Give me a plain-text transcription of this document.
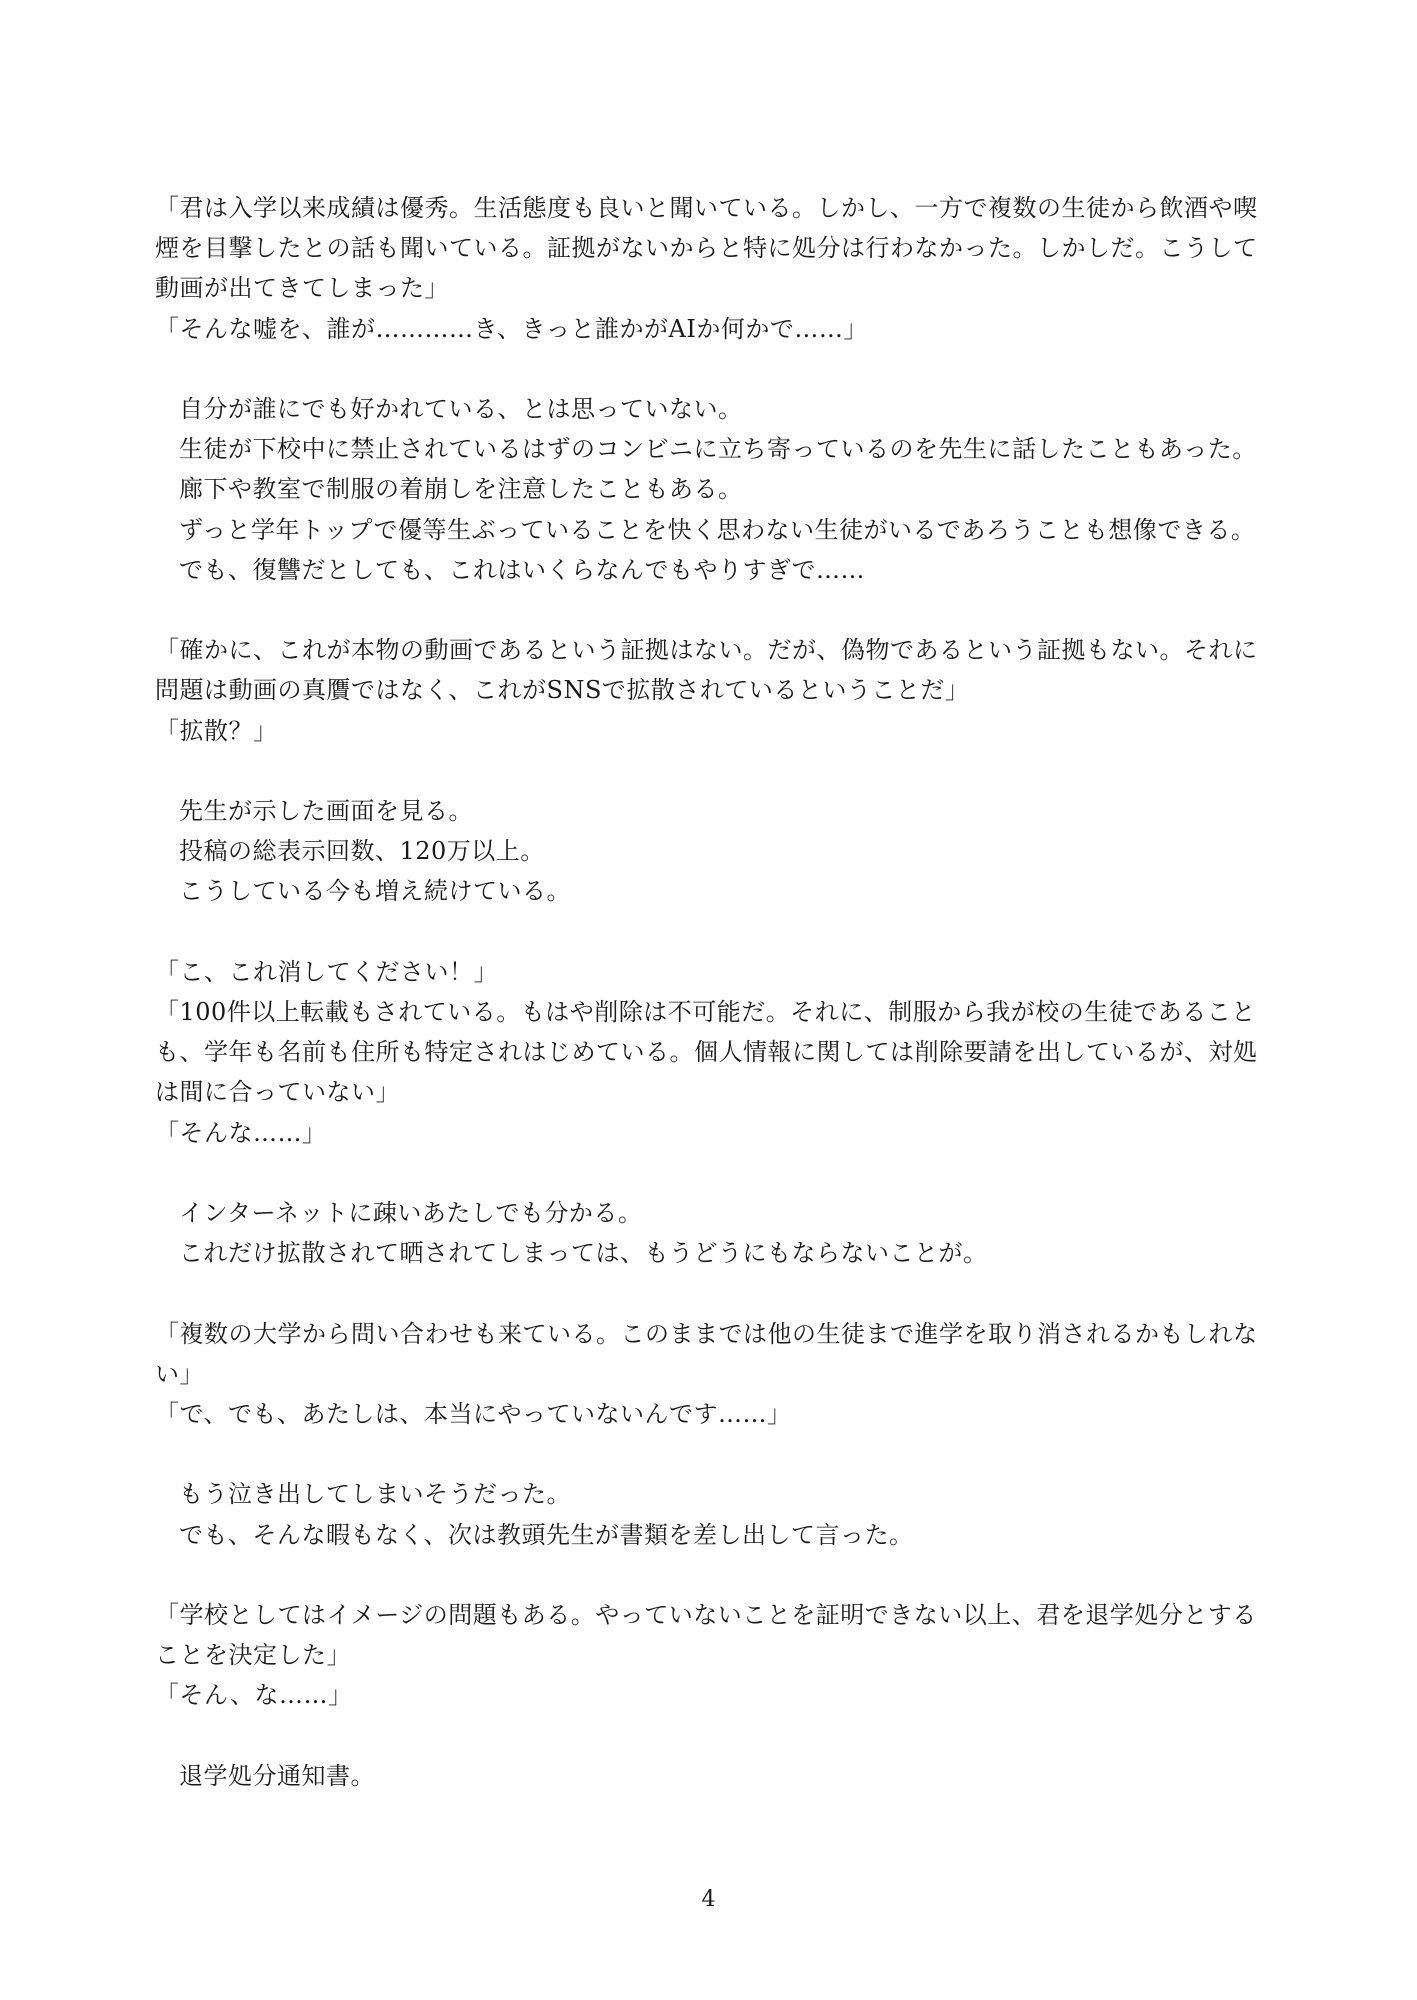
「君は入学以来成績は優秀。生活態度も良いと聞いている。しかし、一方で複数の生徒から飲酒や喫煙を目撃したとの話も聞いている。証拠がないからと特に処分は行わなかった。しかしだ。こうして動画が出てきてしまった」

「そんな嘘を、誰が…………き、きっと誰かがAIか何かで……」

自分が誰にでも好かれている、とは思っていない。

生徒が下校中に禁止されているはずのコンビニに立ち寄っているのを先生に話したこともあった。

廊下や教室で制服の着崩しを注意したこともある。

ずっと学年トップで優等生ぶっていることを快く思わない生徒がいるであろうことも想像できる。

でも、復讐だとしても、これはいくらなんでもやりすぎで……

「確かに、これが本物の動画であるという証拠はない。だが、偽物であるという証拠もない。それに問題は動画の真贋ではなく、これがSNSで拡散されているということだ」

「拡散？」

先生が示した画面を見る。

投稿の総表示回数、120万以上。

こうしている今も増え続けている。

「こ、これ消してください！」

「100件以上転載もされている。もはや削除は不可能だ。それに、制服から我が校の生徒であることも、学年も名前も住所も特定されはじめている。個人情報に関しては削除要請を出しているが、対処は間に合っていない」

「そんな……」

インターネットに疎いあたしでも分かる。

これだけ拡散されて晒されてしまっては、もうどうにもならないことが。

「複数の大学から問い合わせも来ている。このままでは他の生徒まで進学を取り消されるかもしれない」

「で、でも、あたしは、本当にやっていないんです……」

もう泣き出してしまいそうだった。

でも、そんな暇もなく、次は教頭先生が書類を差し出して言った。

「学校としてはイメージの問題もある。やっていないことを証明できない以上、君を退学処分とすることを決定した」

「そん、な……」

退学処分通知書。

4
